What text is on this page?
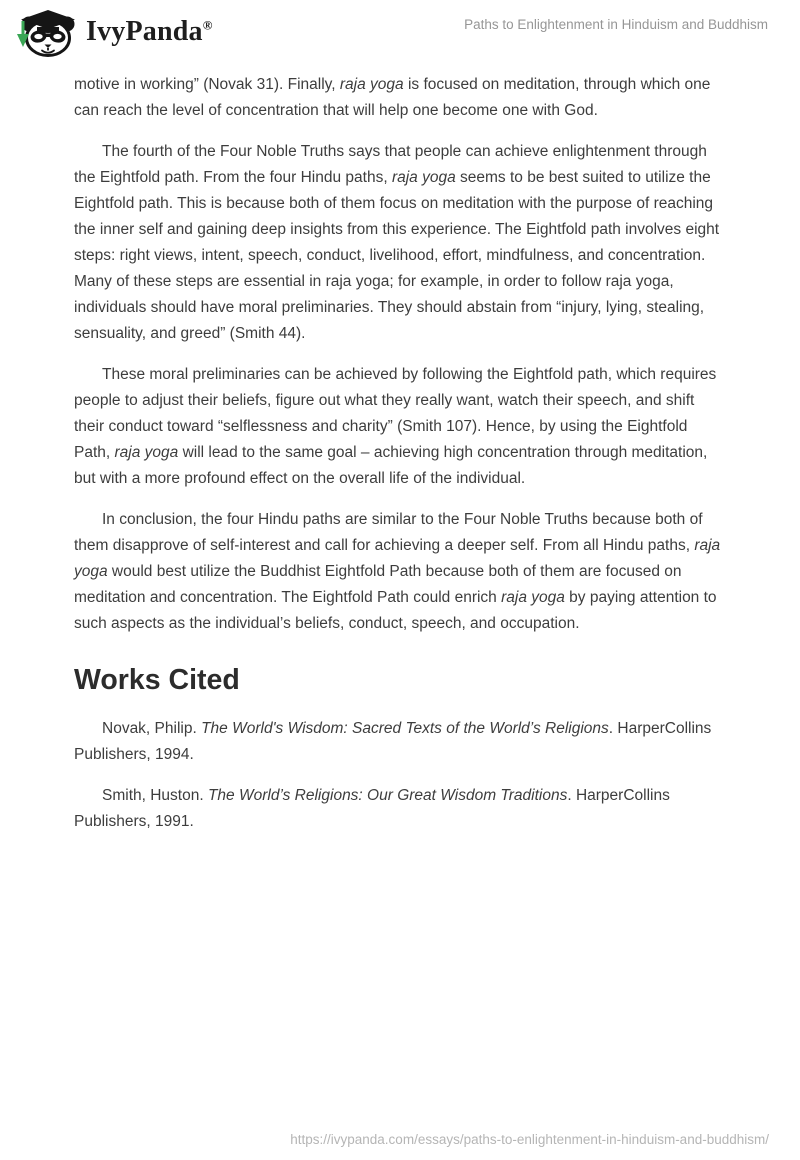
IvyPanda®	Paths to Enlightenment in Hinduism and Buddhism

motive in working” (Novak 31). Finally, raja yoga is focused on meditation, through which one can reach the level of concentration that will help one become one with God.

The fourth of the Four Noble Truths says that people can achieve enlightenment through the Eightfold path. From the four Hindu paths, raja yoga seems to be best suited to utilize the Eightfold path. This is because both of them focus on meditation with the purpose of reaching the inner self and gaining deep insights from this experience. The Eightfold path involves eight steps: right views, intent, speech, conduct, livelihood, effort, mindfulness, and concentration. Many of these steps are essential in raja yoga; for example, in order to follow raja yoga, individuals should have moral preliminaries. They should abstain from “injury, lying, stealing, sensuality, and greed” (Smith 44).

These moral preliminaries can be achieved by following the Eightfold path, which requires people to adjust their beliefs, figure out what they really want, watch their speech, and shift their conduct toward “selflessness and charity” (Smith 107). Hence, by using the Eightfold Path, raja yoga will lead to the same goal – achieving high concentration through meditation, but with a more profound effect on the overall life of the individual.

In conclusion, the four Hindu paths are similar to the Four Noble Truths because both of them disapprove of self-interest and call for achieving a deeper self. From all Hindu paths, raja yoga would best utilize the Buddhist Eightfold Path because both of them are focused on meditation and concentration. The Eightfold Path could enrich raja yoga by paying attention to such aspects as the individual’s beliefs, conduct, speech, and occupation.

Works Cited

Novak, Philip. The World's Wisdom: Sacred Texts of the World’s Religions. HarperCollins Publishers, 1994.

Smith, Huston. The World’s Religions: Our Great Wisdom Traditions. HarperCollins Publishers, 1991.

https://ivypanda.com/essays/paths-to-enlightenment-in-hinduism-and-buddhism/
